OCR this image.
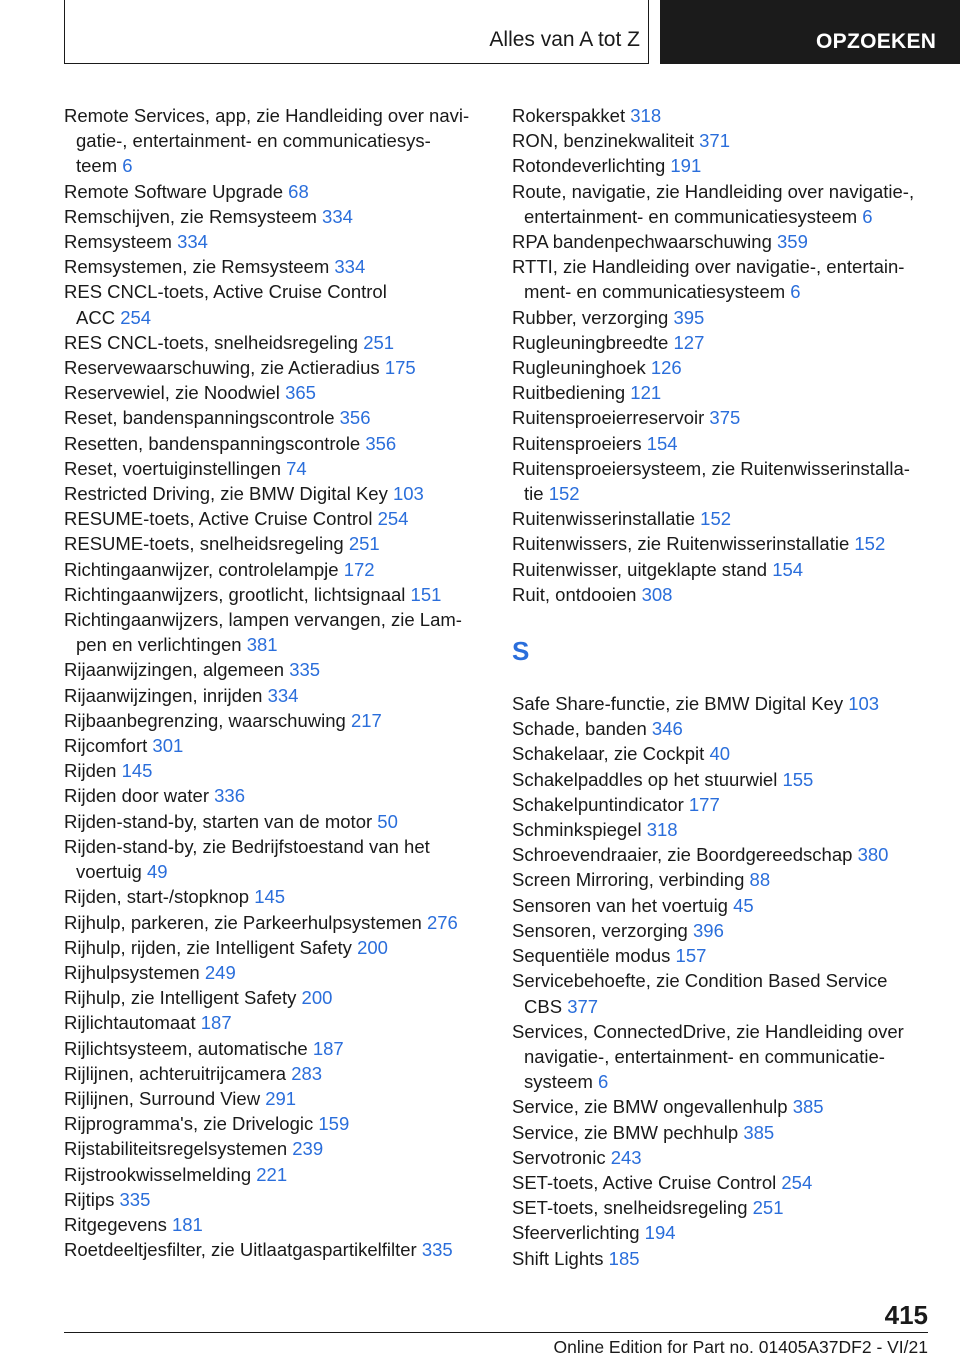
Alles van A tot Z	OPZOEKEN
Remote Services, app, zie Handleiding over navi-
gatie-, entertainment- en communicatiesys-
teem 6
Remote Software Upgrade 68
Remschijven, zie Remsysteem 334
Remsysteem 334
Remsystemen, zie Remsysteem 334
RES CNCL-toets, Active Cruise Control
ACC 254
RES CNCL-toets, snelheidsregeling 251
Reservewaarschuwing, zie Actieradius 175
Reservewiel, zie Noodwiel 365
Reset, bandenspanningscontrole 356
Resetten, bandenspanningscontrole 356
Reset, voertuiginstellingen 74
Restricted Driving, zie BMW Digital Key 103
RESUME-toets, Active Cruise Control 254
RESUME-toets, snelheidsregeling 251
Richtingaanwijzer, controlelampje 172
Richtingaanwijzers, grootlicht, lichtsignaal 151
Richtingaanwijzers, lampen vervangen, zie Lam-
pen en verlichtingen 381
Rijaanwijzingen, algemeen 335
Rijaanwijzingen, inrijden 334
Rijbaanbegrenzing, waarschuwing 217
Rijcomfort 301
Rijden 145
Rijden door water 336
Rijden-stand-by, starten van de motor 50
Rijden-stand-by, zie Bedrijfstoestand van het
voertuig 49
Rijden, start-/stopknop 145
Rijhulp, parkeren, zie Parkeerhulpsystemen 276
Rijhulp, rijden, zie Intelligent Safety 200
Rijhulpsystemen 249
Rijhulp, zie Intelligent Safety 200
Rijlichtautomaat 187
Rijlichtsysteem, automatische 187
Rijlijnen, achteruitrijcamera 283
Rijlijnen, Surround View 291
Rijprogramma's, zie Drivelogic 159
Rijstabiliteitsregelsystemen 239
Rijstrookwisselmelding 221
Rijtips 335
Ritgegevens 181
Roetdeeltjesfilter, zie Uitlaatgaspartikelfilter 335
Rokerspakket 318
RON, benzinekwaliteit 371
Rotondeverlichting 191
Route, navigatie, zie Handleiding over navigatie-,
entertainment- en communicatiesysteem 6
RPA bandenpechwaarschuwing 359
RTTI, zie Handleiding over navigatie-, entertain-
ment- en communicatiesysteem 6
Rubber, verzorging 395
Rugleuningbreedte 127
Rugleuninghoek 126
Ruitbediening 121
Ruitensproeierreservoir 375
Ruitensproeiers 154
Ruitensproeiersysteem, zie Ruitenwisserinstalla-
tie 152
Ruitenwisserinstallatie 152
Ruitenwissers, zie Ruitenwisserinstallatie 152
Ruitenwisser, uitgeklapte stand 154
Ruit, ontdooien 308
S
Safe Share-functie, zie BMW Digital Key 103
Schade, banden 346
Schakelaar, zie Cockpit 40
Schakelpaddles op het stuurwiel 155
Schakelpuntindicator 177
Schminkspiegel 318
Schroevendraaier, zie Boordgereedschap 380
Screen Mirroring, verbinding 88
Sensoren van het voertuig 45
Sensoren, verzorging 396
Sequentiële modus 157
Servicebehoefte, zie Condition Based Service
CBS 377
Services, ConnectedDrive, zie Handleiding over
navigatie-, entertainment- en communicatie-
systeem 6
Service, zie BMW ongevallenhulp 385
Service, zie BMW pechhulp 385
Servotronic 243
SET-toets, Active Cruise Control 254
SET-toets, snelheidsregeling 251
Sfeerverlichting 194
Shift Lights 185
415
Online Edition for Part no. 01405A37DF2 - VI/21
